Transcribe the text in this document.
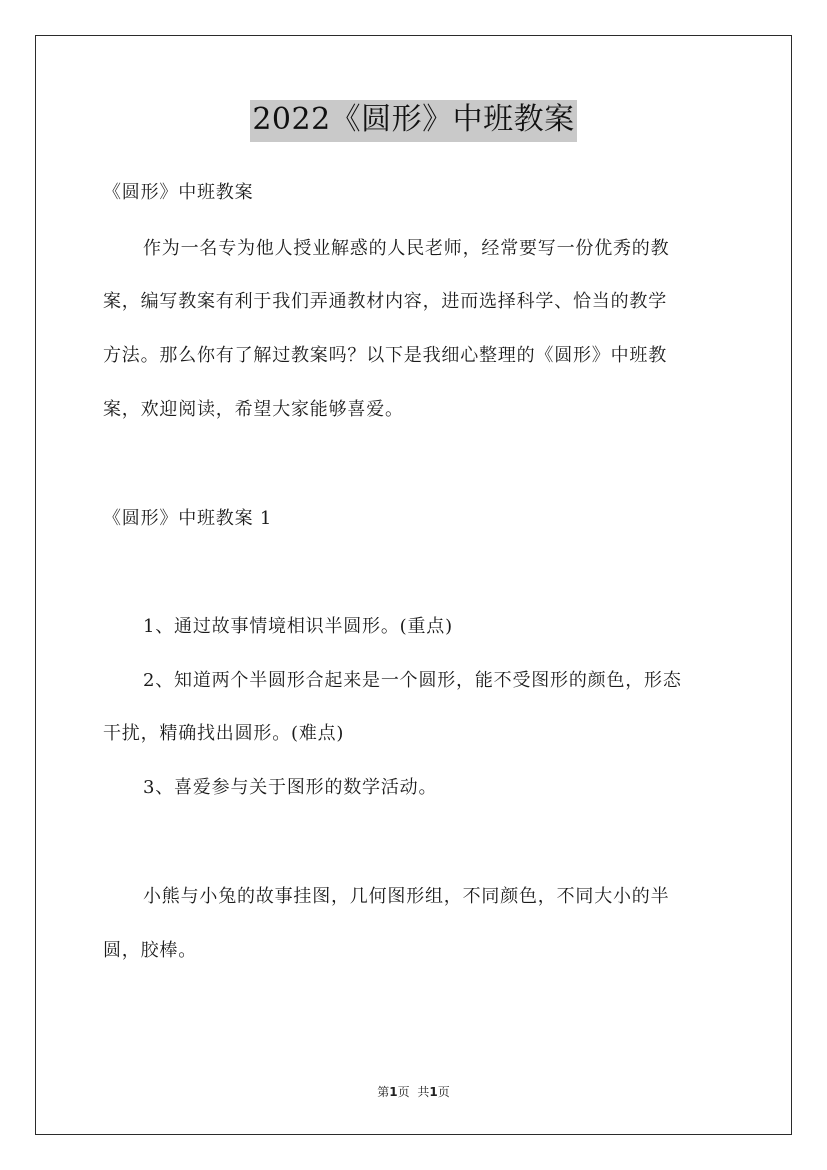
2022《圆形》中班教案
《圆形》中班教案
作为一名专为他人授业解惑的人民老师，经常要写一份优秀的教
案，编写教案有利于我们弄通教材内容，进而选择科学、恰当的教学
方法。那么你有了解过教案吗？以下是我细心整理的《圆形》中班教
案，欢迎阅读，希望大家能够喜爱。
《圆形》中班教案 1
1、通过故事情境相识半圆形。(重点)
2、知道两个半圆形合起来是一个圆形，能不受图形的颜色，形态
干扰，精确找出圆形。(难点)
3、喜爱参与关于图形的数学活动。
小熊与小兔的故事挂图，几何图形组，不同颜色，不同大小的半
圆，胶棒。
第1页 共1页
